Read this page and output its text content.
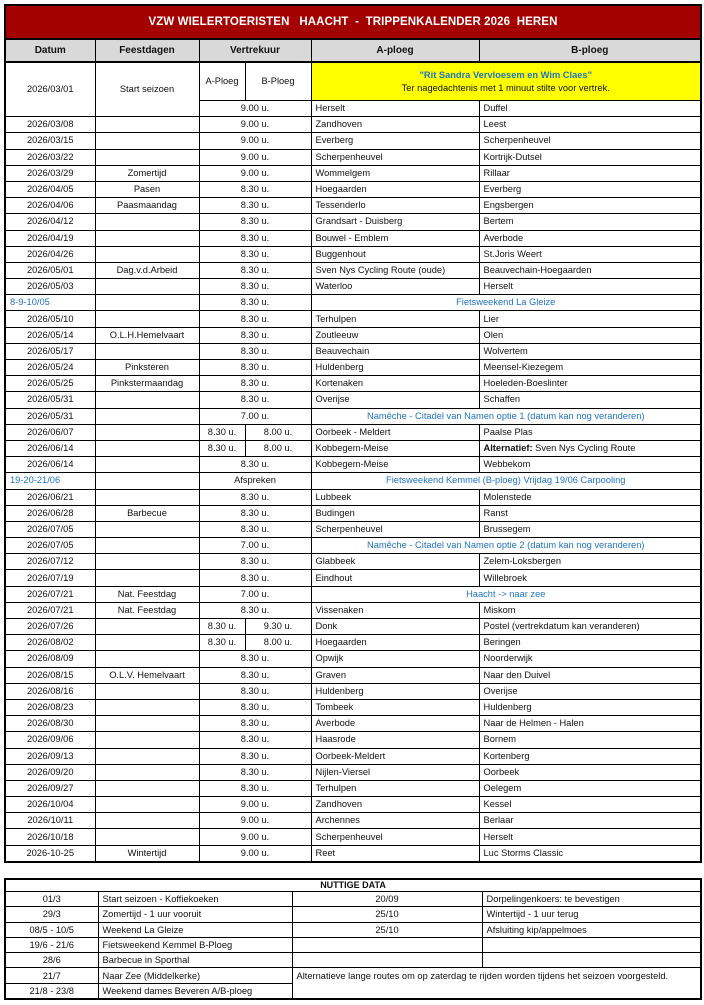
VZW WIELERTOERISTEN   HAACHT  -  TRIPPENKALENDER 2026  HEREN					
Datum	Feestdagen	Vertrekuur		A-ploeg	B-ploeg
2026/03/01	Start seizoen	A-Ploeg	B-Ploeg	"Rit Sandra Vervloesem en Wim Claes"
Ter nagedachtenis met 1 minuut stilte voor vertrek.	

		9.00 u.		Herselt	Duffel
2026/03/08		9.00 u.		Zandhoven	Leest
2026/03/15		9.00 u.		Everberg	Scherpenheuvel
2026/03/22		9.00 u.		Scherpenheuvel	Kortrijk-Dutsel
2026/03/29	Zomertijd	9.00 u.		Wommelgem	Rillaar
2026/04/05	Pasen	8.30 u.		Hoegaarden	Everberg
2026/04/06	Paasmaandag	8.30 u.		Tessenderlo	Engsbergen
2026/04/12		8.30 u.		Grandsart - Duisberg	Bertem
2026/04/19		8.30 u.		Bouwel - Emblem	Averbode
2026/04/26		8.30 u.		Buggenhout	St.Joris Weert
2026/05/01	Dag.v.d.Arbeid	8.30 u.		Sven Nys Cycling Route (oude)	Beauvechain-Hoegaarden
2026/05/03		8.30 u.		Waterloo	Herselt
8-9-10/05		8.30 u.		Fietsweekend La Gleize	
2026/05/10		8.30 u.		Terhulpen	Lier
2026/05/14	O.L.H.Hemelvaart	8.30 u.		Zoutleeuw	Olen
2026/05/17		8.30 u.		Beauvechain	Wolvertem
2026/05/24	Pinksteren	8.30 u.		Huldenberg	Meensel-Kiezegem
2026/05/25	Pinkstermaandag	8.30 u.		Kortenaken	Hoeleden-Boeslinter
2026/05/31		8.30 u.		Overijse	Schaffen
2026/05/31		7.00 u.		Namêche - Citadel van Namen optie 1 (datum kan nog veranderen)	
2026/06/07		8.30 u.	8.00 u.	Oorbeek - Meldert	Paalse Plas
2026/06/14		8.30 u.	8.00 u.	Kobbegem-Meise	Alternatief: Sven Nys Cycling Route
2026/06/14		8.30 u.		Kobbegem-Meise	Webbekom
19-20-21/06		Afspreken		Fietsweekend Kemmel (B-ploeg) Vrijdag 19/06 Carpooling	
2026/06/21		8.30 u.		Lubbeek	Molenstede
2026/06/28	Barbecue	8.30 u.		Budingen	Ranst
2026/07/05		8.30 u.		Scherpenheuvel	Brussegem
2026/07/05		7.00 u.		Namêche - Citadel van Namen optie 2 (datum kan nog veranderen)	
2026/07/12		8.30 u.		Glabbeek	Zelem-Loksbergen
2026/07/19		8.30 u.		Eindhout	Willebroek
2026/07/21	Nat. Feestdag	7.00 u.		Haacht -> naar zee	
2026/07/21	Nat. Feestdag	8.30 u.		Vissenaken	Miskom
2026/07/26		8.30 u.	9.30 u.	Donk	Postel (vertrekdatum kan veranderen)
2026/08/02		8.30 u.	8.00 u.	Hoegaarden	Beringen
2026/08/09		8.30 u.		Opwijk	Noorderwijk
2026/08/15	O.L.V. Hemelvaart	8.30 u.		Graven	Naar den Duivel
2026/08/16		8.30 u.		Huldenberg	Overijse
2026/08/23		8.30 u.		Tombeek	Huldenberg
2026/08/30		8.30 u.		Averbode	Naar de Helmen - Halen
2026/09/06		8.30 u.		Haasrode	Bornem
2026/09/13		8.30 u.		Oorbeek-Meldert	Kortenberg
2026/09/20		8.30 u.		Nijlen-Viersel	Oorbeek
2026/09/27		8.30 u.		Terhulpen	Oelegem
2026/10/04		9.00 u.		Zandhoven	Kessel
2026/10/11		9.00 u.		Archennes	Berlaar
2026/10/18		9.00 u.		Scherpenheuvel	Herselt
2026-10-25	Wintertijd	9.00 u.		Reet	Luc Storms Classic
NUTTIGE DATA			
01/3	Start seizoen - Koffiekoeken	20/09	Dorpelingenkoers: te bevestigen
29/3	Zomertijd - 1 uur vooruit	25/10	Wintertijd - 1 uur terug
08/5 - 10/5	Weekend La Gleize	25/10	Afsluiting kip/appelmoes
19/6 - 21/6	Fietsweekend Kemmel B-Ploeg		
28/6	Barbecue in Sporthal		
21/7	Naar Zee (Middelkerke)	Alternatieve lange routes om op zaterdag te rijden worden tijdens het seizoen voorgesteld.	
21/8 - 23/8	Weekend dames Beveren A/B-ploeg		
